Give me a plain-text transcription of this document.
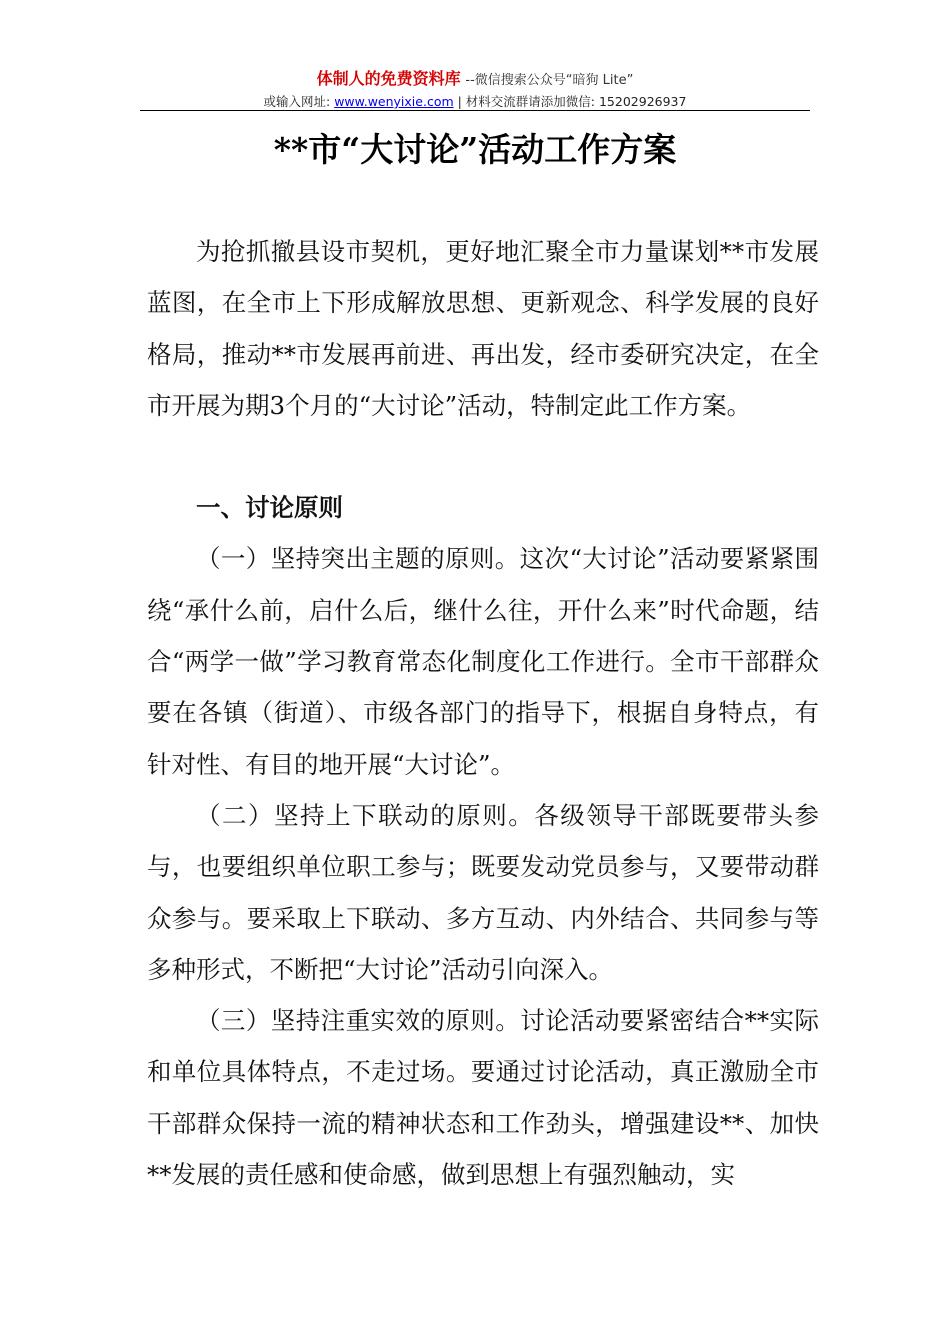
体制人的免费资料库 --微信搜索公众号“暗狗 Lite”
或输入网址: www.wenyixie.com | 材料交流群请添加微信: 15202926937
**市“大讨论”活动工作方案

为抢抓撤县设市契机，更好地汇聚全市力量谋划**市发展蓝图，在全市上下形成解放思想、更新观念、科学发展的良好格局，推动**市发展再前进、再出发，经市委研究决定，在全市开展为期3个月的“大讨论”活动，特制定此工作方案。

一、讨论原则

（一）坚持突出主题的原则。这次“大讨论”活动要紧紧围绕“承什么前，启什么后，继什么往，开什么来”时代命题，结合“两学一做”学习教育常态化制度化工作进行。全市干部群众要在各镇（街道）、市级各部门的指导下，根据自身特点，有针对性、有目的地开展“大讨论”。

（二）坚持上下联动的原则。各级领导干部既要带头参与，也要组织单位职工参与；既要发动党员参与，又要带动群众参与。要采取上下联动、多方互动、内外结合、共同参与等多种形式，不断把“大讨论”活动引向深入。

（三）坚持注重实效的原则。讨论活动要紧密结合**实际和单位具体特点，不走过场。要通过讨论活动，真正激励全市干部群众保持一流的精神状态和工作劲头，增强建设**、加快**发展的责任感和使命感，做到思想上有强烈触动，实
